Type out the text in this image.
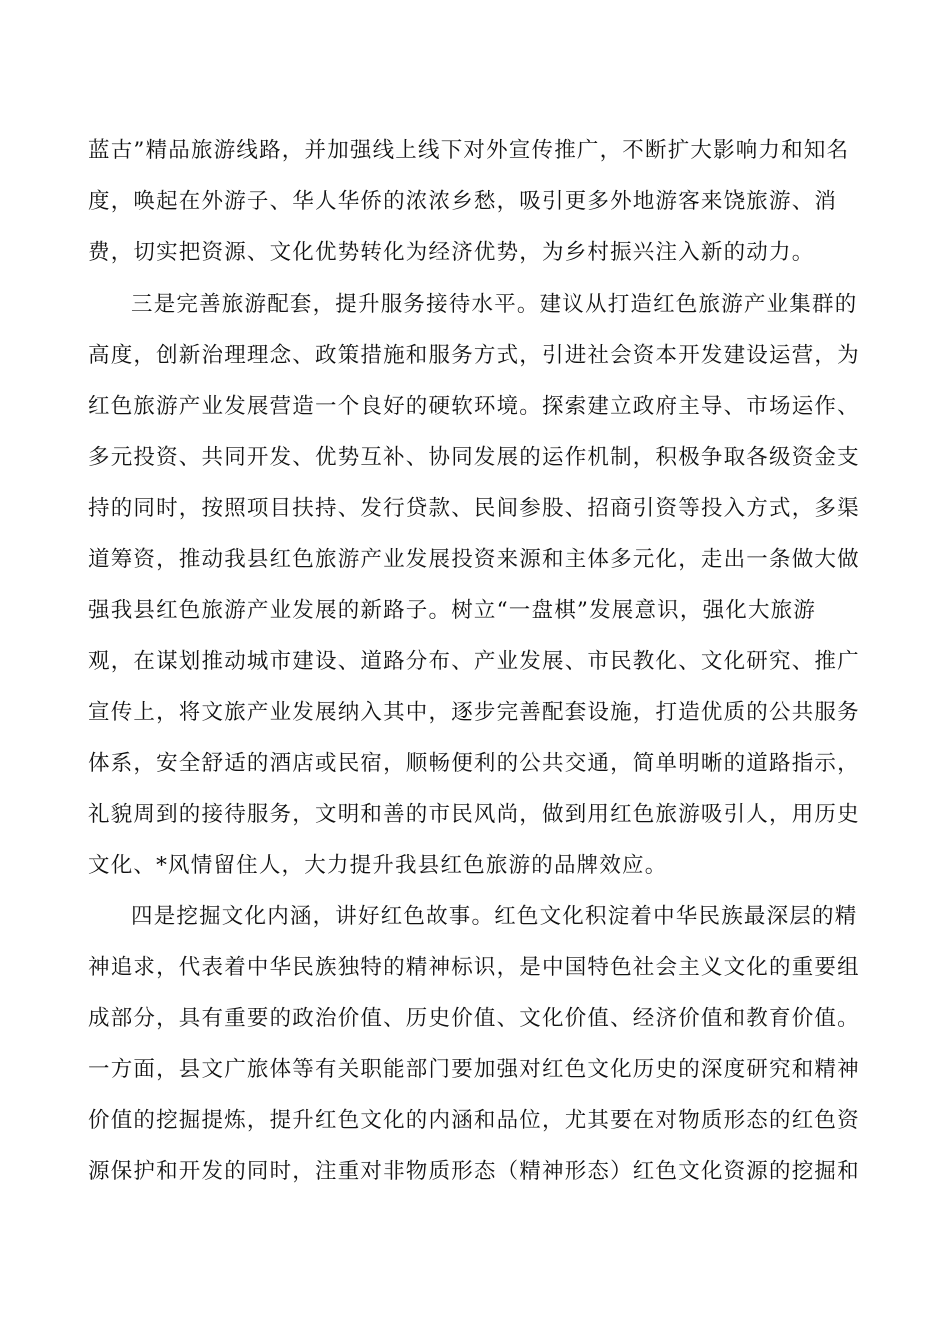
蓝古”精品旅游线路，并加强线上线下对外宣传推广，不断扩大影响力和知名
度，唤起在外游子、华人华侨的浓浓乡愁，吸引更多外地游客来饶旅游、消
费，切实把资源、文化优势转化为经济优势，为乡村振兴注入新的动力。
三是完善旅游配套，提升服务接待水平。建议从打造红色旅游产业集群的
高度，创新治理理念、政策措施和服务方式，引进社会资本开发建设运营，为
红色旅游产业发展营造一个良好的硬软环境。探索建立政府主导、市场运作、
多元投资、共同开发、优势互补、协同发展的运作机制，积极争取各级资金支
持的同时，按照项目扶持、发行贷款、民间参股、招商引资等投入方式，多渠
道筹资，推动我县红色旅游产业发展投资来源和主体多元化，走出一条做大做
强我县红色旅游产业发展的新路子。树立“一盘棋”发展意识，强化大旅游
观，在谋划推动城市建设、道路分布、产业发展、市民教化、文化研究、推广
宣传上，将文旅产业发展纳入其中，逐步完善配套设施，打造优质的公共服务
体系，安全舒适的酒店或民宿，顺畅便利的公共交通，简单明晰的道路指示，
礼貌周到的接待服务，文明和善的市民风尚，做到用红色旅游吸引人，用历史
文化、*风情留住人，大力提升我县红色旅游的品牌效应。
四是挖掘文化内涵，讲好红色故事。红色文化积淀着中华民族最深层的精
神追求，代表着中华民族独特的精神标识，是中国特色社会主义文化的重要组
成部分，具有重要的政治价值、历史价值、文化价值、经济价值和教育价值。
一方面，县文广旅体等有关职能部门要加强对红色文化历史的深度研究和精神
价值的挖掘提炼，提升红色文化的内涵和品位，尤其要在对物质形态的红色资
源保护和开发的同时，注重对非物质形态（精神形态）红色文化资源的挖掘和
